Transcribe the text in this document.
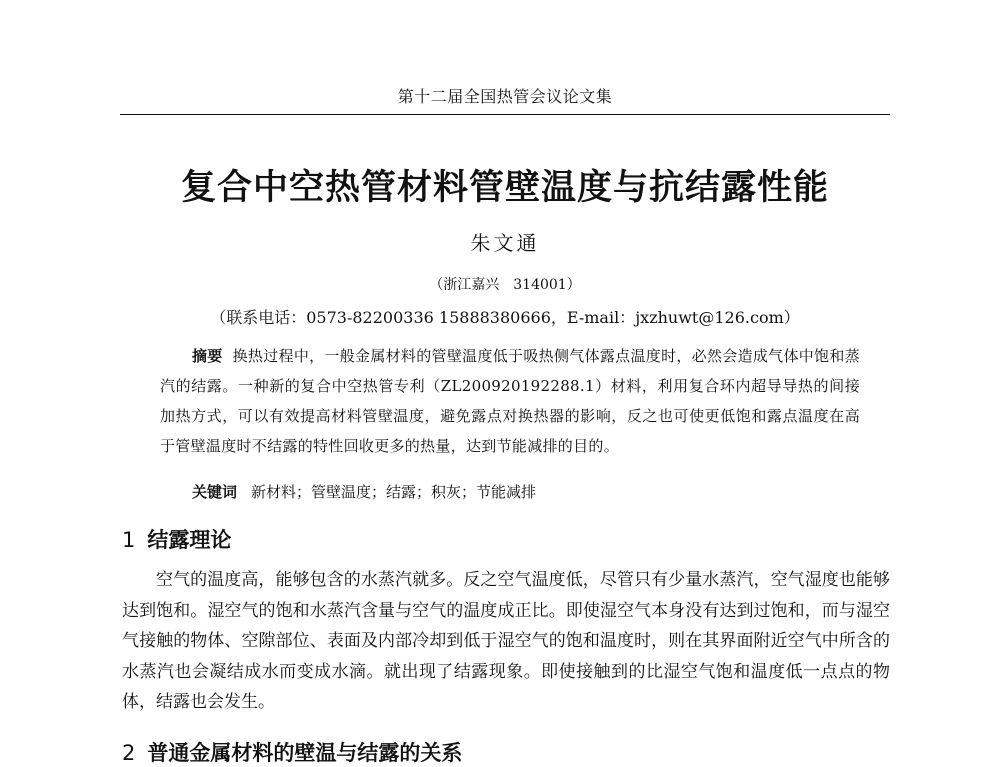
第十二届全国热管会议论文集
复合中空热管材料管壁温度与抗结露性能
朱文通
（浙江嘉兴　314001）
（联系电话：0573-82200336 15888380666，E-mail：jxzhuwt@126.com）
摘要 换热过程中，一般金属材料的管壁温度低于吸热侧气体露点温度时，必然会造成气体中饱和蒸汽的结露。一种新的复合中空热管专利（ZL200920192288.1）材料，利用复合环内超导导热的间接加热方式，可以有效提高材料管壁温度，避免露点对换热器的影响，反之也可使更低饱和露点温度在高于管壁温度时不结露的特性回收更多的热量，达到节能减排的目的。
关键词 新材料；管壁温度；结露；积灰；节能减排
1 结露理论
空气的温度高，能够包含的水蒸汽就多。反之空气温度低，尽管只有少量水蒸汽，空气湿度也能够达到饱和。湿空气的饱和水蒸汽含量与空气的温度成正比。即使湿空气本身没有达到过饱和，而与湿空气接触的物体、空隙部位、表面及内部冷却到低于湿空气的饱和温度时，则在其界面附近空气中所含的水蒸汽也会凝结成水而变成水滴。就出现了结露现象。即使接触到的比湿空气饱和温度低一点点的物体，结露也会发生。
2 普通金属材料的壁温与结露的关系
